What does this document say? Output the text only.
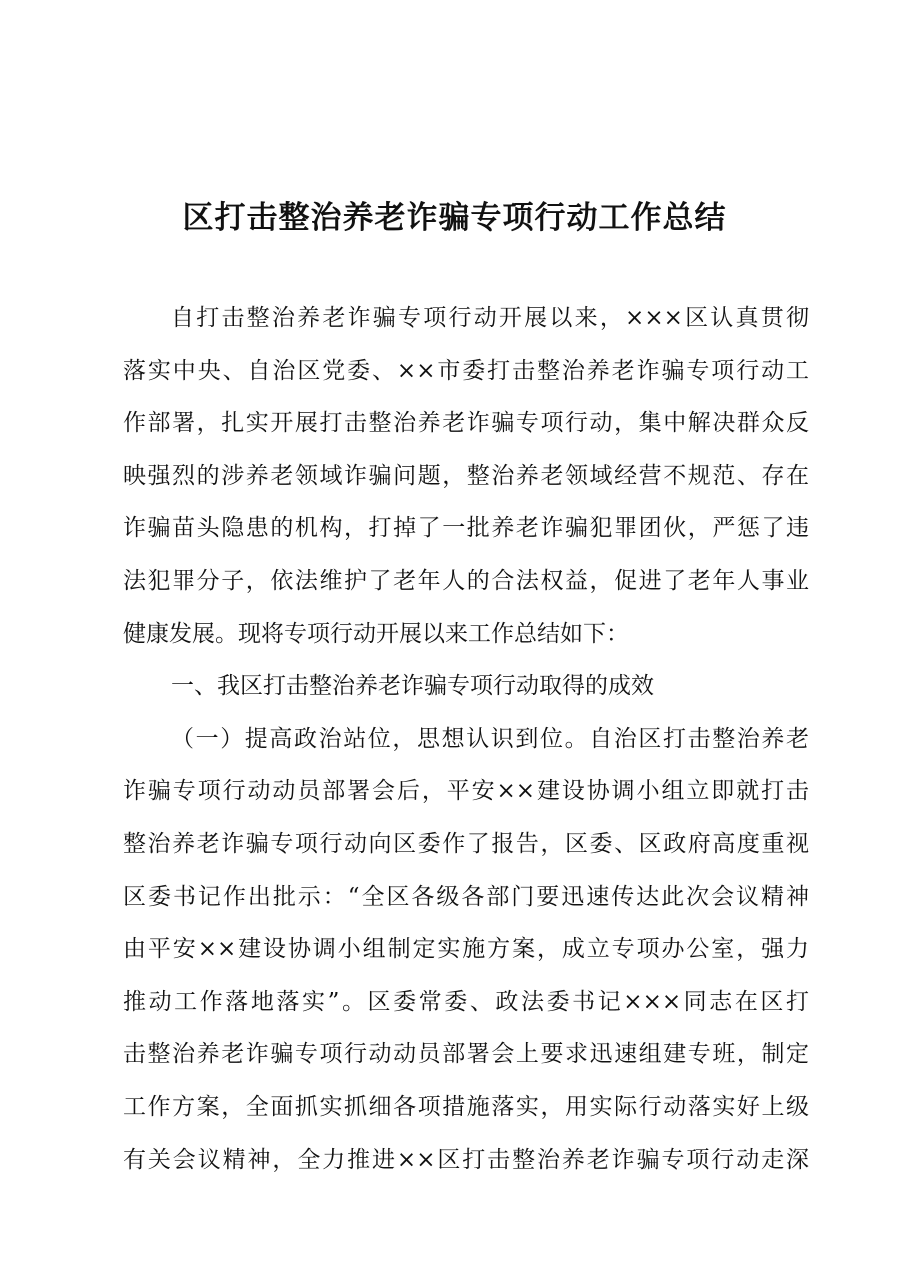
区打击整治养老诈骗专项行动工作总结
自打击整治养老诈骗专项行动开展以来，×××区认真贯彻
落实中央、自治区党委、××市委打击整治养老诈骗专项行动工
作部署，扎实开展打击整治养老诈骗专项行动，集中解决群众反
映强烈的涉养老领域诈骗问题，整治养老领域经营不规范、存在
诈骗苗头隐患的机构，打掉了一批养老诈骗犯罪团伙，严惩了违
法犯罪分子，依法维护了老年人的合法权益，促进了老年人事业
健康发展。现将专项行动开展以来工作总结如下：
一、我区打击整治养老诈骗专项行动取得的成效
（一）提高政治站位，思想认识到位。自治区打击整治养老
诈骗专项行动动员部署会后，平安××建设协调小组立即就打击
整治养老诈骗专项行动向区委作了报告，区委、区政府高度重视
区委书记作出批示：“全区各级各部门要迅速传达此次会议精神
由平安××建设协调小组制定实施方案，成立专项办公室，强力
推动工作落地落实”。区委常委、政法委书记×××同志在区打
击整治养老诈骗专项行动动员部署会上要求迅速组建专班，制定
工作方案，全面抓实抓细各项措施落实，用实际行动落实好上级
有关会议精神，全力推进××区打击整治养老诈骗专项行动走深
